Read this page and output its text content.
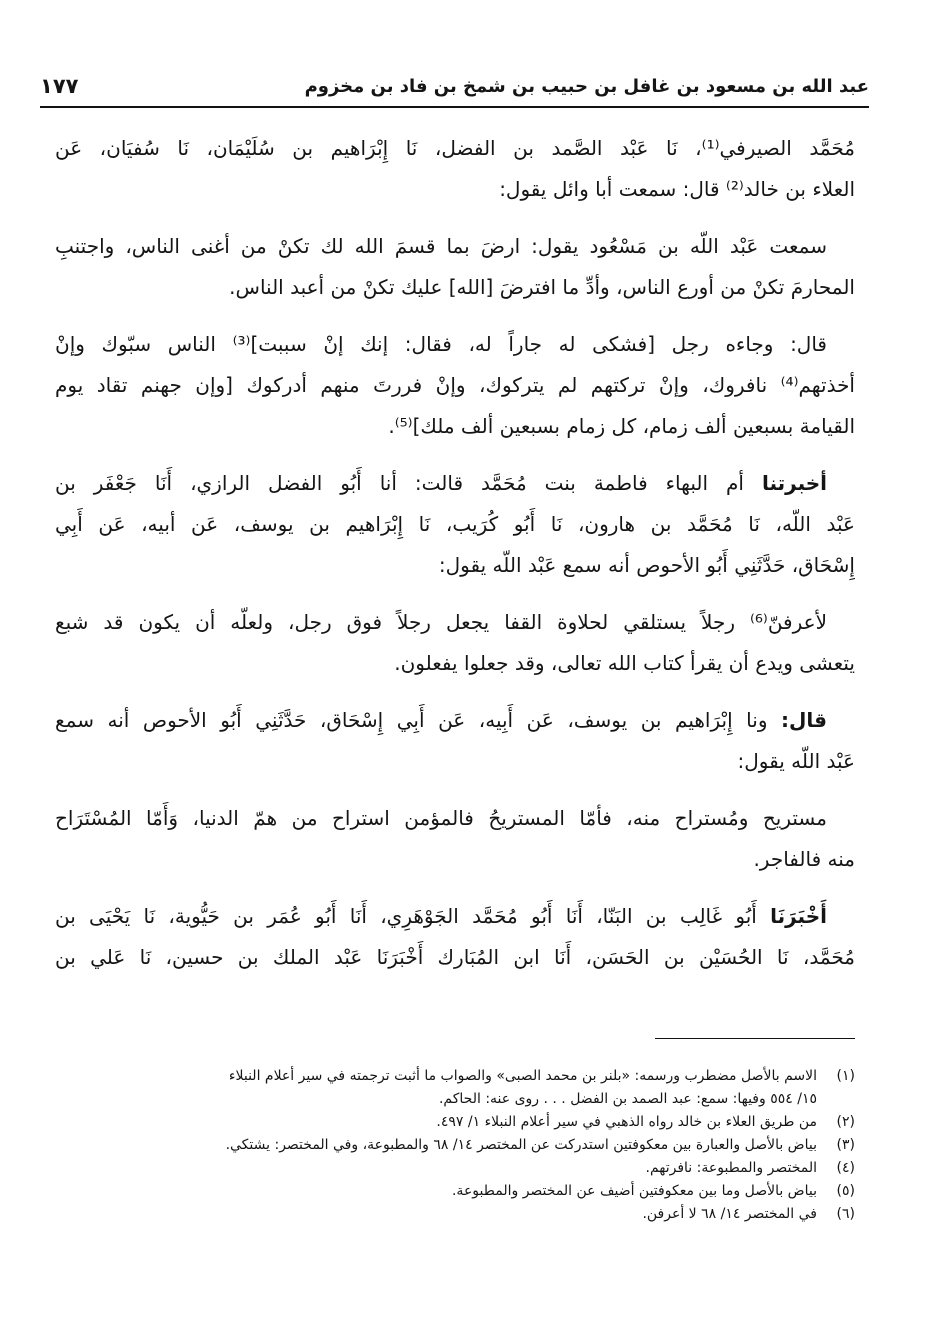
عبد الله بن مسعود بن غافل بن حبيب بن شمخ بن فاد بن مخزوم
١٧٧
مُحَمَّد الصيرفي⁽¹⁾، نَا عَبْد الصَّمد بن الفضل، نَا إِبْرَاهيم بن سُلَيْمَان، نَا سُفيَان، عَن
العلاء بن خالد⁽²⁾ قال: سمعت أبا وائل يقول:
سمعت عَبْد اللّه بن مَسْعُود يقول: ارضَ بما قسمَ الله لك تكنْ من أغنى الناس، واجتنبِ
المحارمَ تكنْ من أورع الناس، وأدِّ ما افترضَ [الله] عليك تكنْ من أعبد الناس.
قال: وجاءه رجل [فشكى له جاراً له، فقال: إنك إنْ سببت]⁽³⁾ الناس سبّوك وإنْ
أخذتهم⁽⁴⁾ نافروك، وإنْ تركتهم لم يتركوك، وإنْ فررتَ منهم أدركوك [وإن جهنم تقاد يوم
القيامة بسبعين ألف زمام، كل زمام بسبعين ألف ملك]⁽⁵⁾.
أخبرتنا أم البهاء فاطمة بنت مُحَمَّد قالت: أنا أَبُو الفضل الرازي، أَنَا جَعْفَر بن
عَبْد اللّه، نَا مُحَمَّد بن هارون، نَا أَبُو كُرَيب، نَا إِبْرَاهيم بن يوسف، عَن أبيه، عَن أَبِي
إِسْحَاق، حَدَّثَنِي أَبُو الأحوص أنه سمع عَبْد اللّه يقول:
لأعرفنّ⁽⁶⁾ رجلاً يستلقي لحلاوة القفا يجعل رجلاً فوق رجل، ولعلّه أن يكون قد شبع
يتعشى ويدع أن يقرأ كتاب الله تعالى، وقد جعلوا يفعلون.
قال: ونا إِبْرَاهيم بن يوسف، عَن أَبِيه، عَن أَبِي إِسْحَاق، حَدَّثَنِي أَبُو الأحوص أنه سمع
عَبْد اللّه يقول:
مستريح ومُستراح منه، فأمّا المستريحُ فالمؤمن استراح من همّ الدنيا، وَأَمّا المُسْتَرَاح
منه فالفاجر.
أَخْبَرَنَا أَبُو غَالِب بن البَنّا، أَنَا أَبُو مُحَمَّد الجَوْهَرِي، أَنَا أَبُو عُمَر بن حَيُّوية، نَا يَحْيَى بن
مُحَمَّد، نَا الحُسَيْن بن الحَسَن، أَنَا ابن المُبَارك أَخْبَرَنَا عَبْد الملك بن حسين، نَا عَلي بن
(١)
الاسم بالأصل مضطرب ورسمه: «بلنر بن محمد الصبى» والصواب ما أثبت ترجمته في سير أعلام النبلاء
١٥/ ٥٥٤ وفيها: سمع: عبد الصمد بن الفضل . . . روى عنه: الحاكم.
(٢)
من طريق العلاء بن خالد رواه الذهبي في سير أعلام النبلاء ١/ ٤٩٧.
(٣)
بياض بالأصل والعبارة بين معكوفتين استدركت عن المختصر ١٤/ ٦٨ والمطبوعة، وفي المختصر: يشتكي.
(٤)
المختصر والمطبوعة: نافرتهم.
(٥)
بياض بالأصل وما بين معكوفتين أضيف عن المختصر والمطبوعة.
(٦)
في المختصر ١٤/ ٦٨ لا أعرفن.
